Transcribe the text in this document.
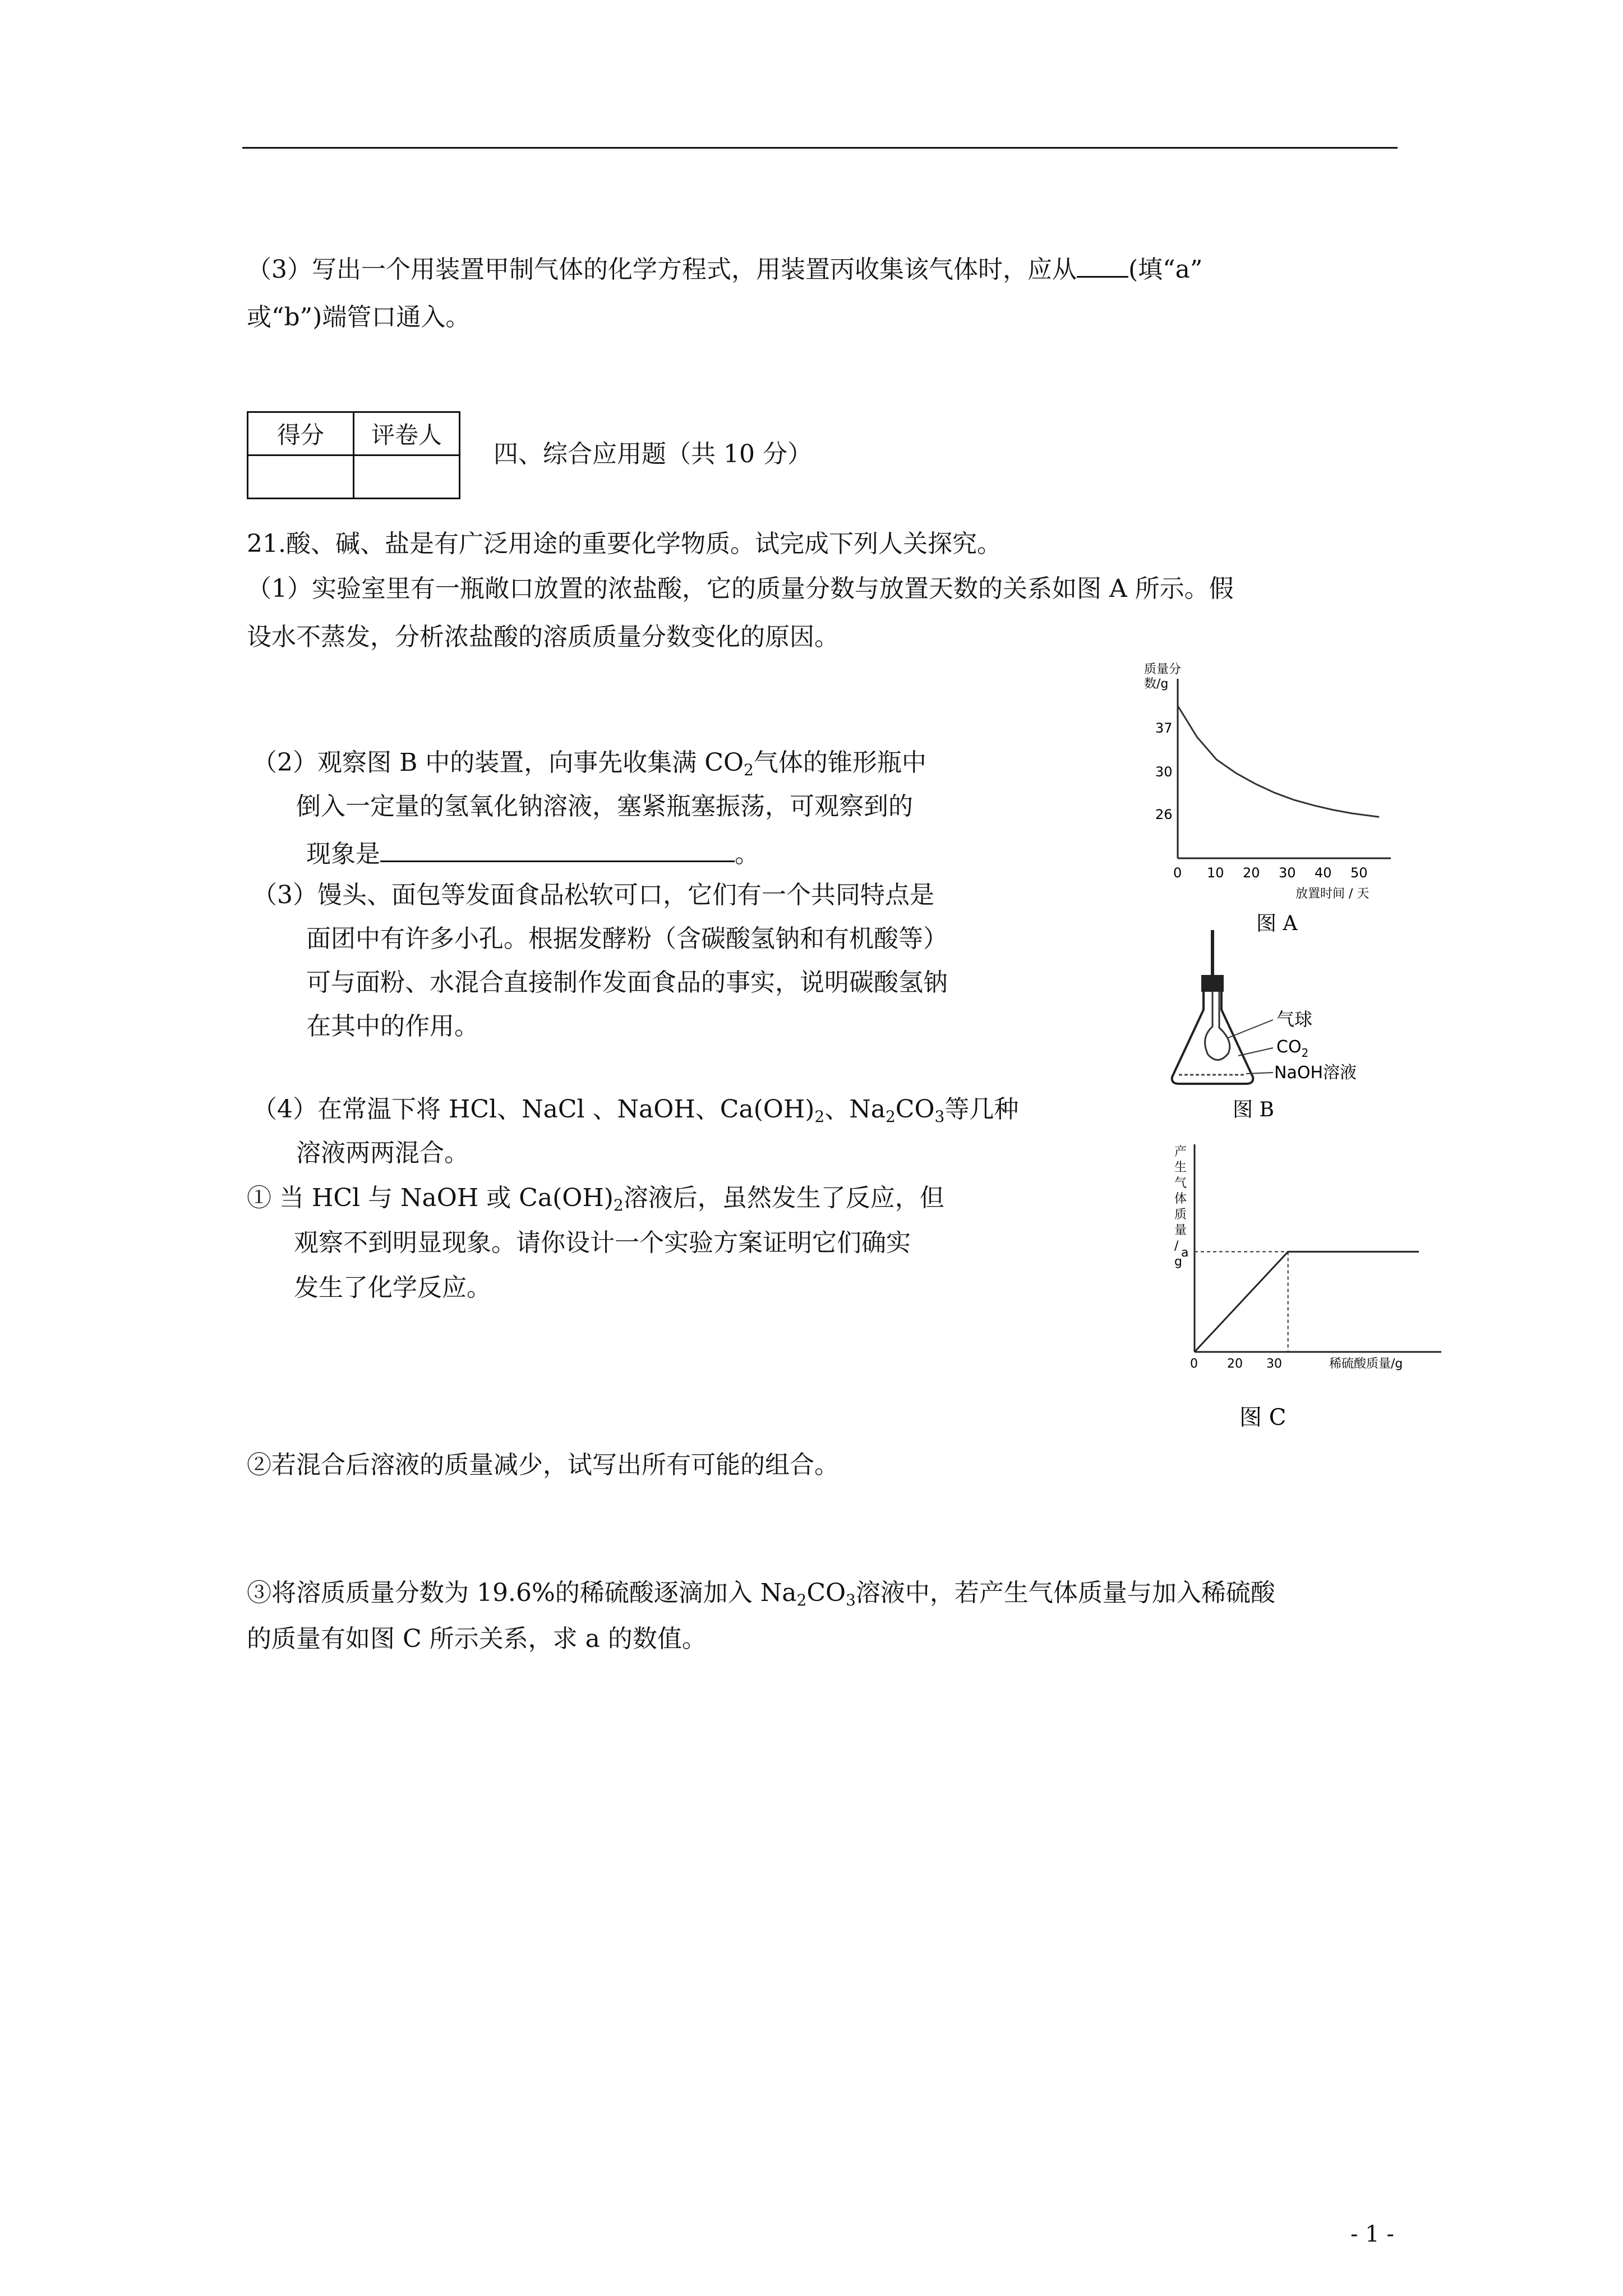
（3）写出一个用装置甲制气体的化学方程式，用装置丙收集该气体时，应从 (填“a”
或“b”)端管口通入。
得分	评卷人

四、综合应用题（共 10 分）
21.酸、碱、盐是有广泛用途的重要化学物质。试完成下列人关探究。
（1）实验室里有一瓶敞口放置的浓盐酸，它的质量分数与放置天数的关系如图 A 所示。假
设水不蒸发，分析浓盐酸的溶质质量分数变化的原因。
（2）观察图 B 中的装置，向事先收集满 $CO_2$气体的锥形瓶中
倒入一定量的氢氧化钠溶液，塞紧瓶塞振荡，可观察到的
现象是	。
（3）馒头、面包等发面食品松软可口，它们有一个共同特点是
面团中有许多小孔。根据发酵粉（含碳酸氢钠和有机酸等）
可与面粉、水混合直接制作发面食品的事实，说明碳酸氢钠
在其中的作用。
（4）在常温下将 HCl、NaCl 、NaOH、$Ca(OH)_2$、$Na_2CO_3$等几种
溶液两两混合。
① 当 HCl 与 NaOH 或 $Ca(OH)_2$溶液后，虽然发生了反应，但
观察不到明显现象。请你设计一个实验方案证明它们确实
发生了化学反应。
②若混合后溶液的质量减少，试写出所有可能的组合。
③将溶质质量分数为 19.6%的稀硫酸逐滴加入 $Na_2CO_3$溶液中，若产生气体质量与加入稀硫酸
的质量有如图 C 所示关系，求 a 的数值。
质量分
数/g
37
30
26
0 10 20 30 40 50
放置时间 / 天
图 A
气球
$CO_2$
NaOH溶液
图 B
产
生
气
体
质
量
/
g
a
0 20 30	稀硫酸质量/g
图 C
- 1 -
